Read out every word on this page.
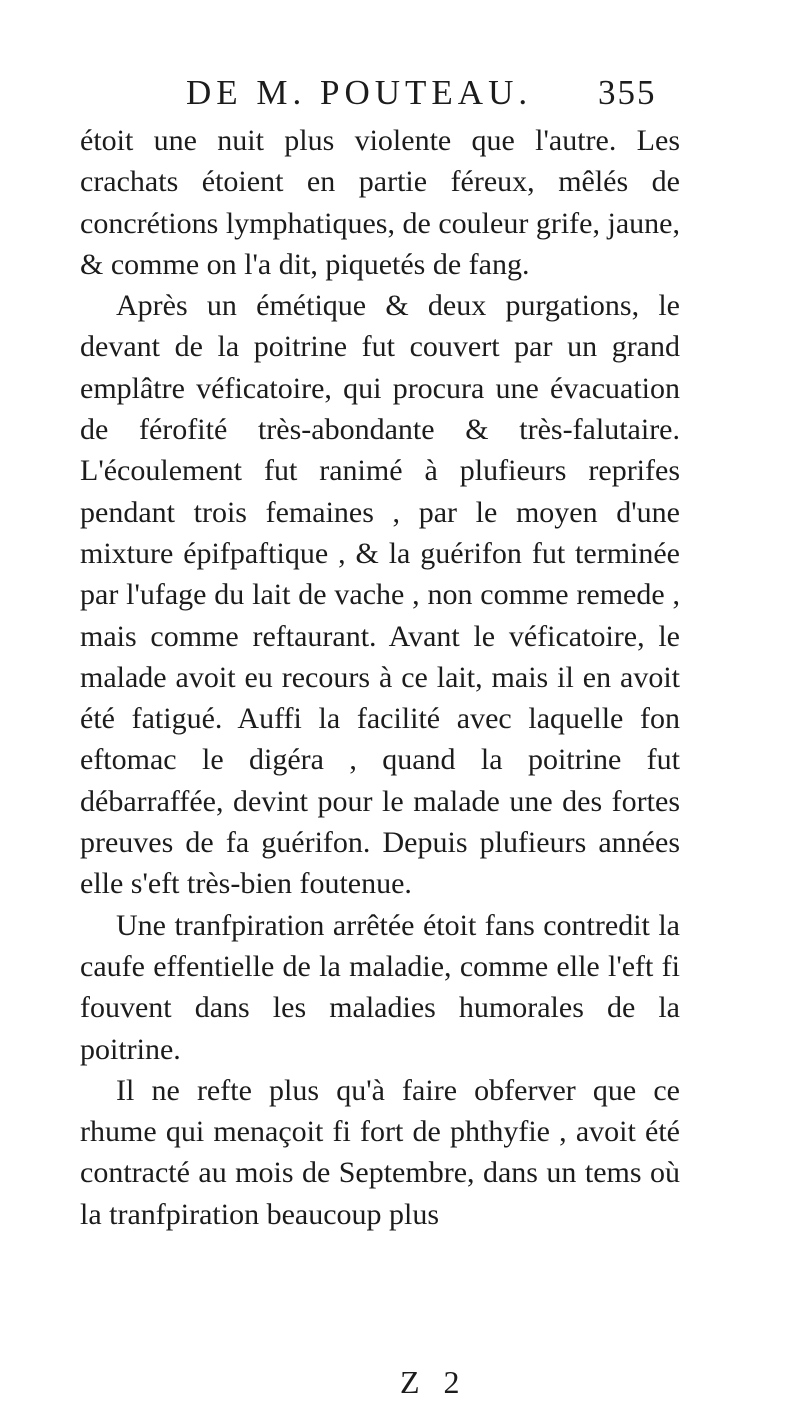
DE M. POUTEAU. 355

étoit une nuit plus violente que l'autre. Les crachats étoient en partie féreux, mêlés de concrétions lymphatiques, de couleur grife, jaune, & comme on l'a dit, piquetés de fang.

Après un émétique & deux purgations, le devant de la poitrine fut couvert par un grand emplâtre véficatoire, qui procura une évacuation de férofité très-abondante & très-falutaire. L'écoulement fut ranimé à plufieurs reprifes pendant trois femaines , par le moyen d'une mixture épifpaftique , & la guérifon fut terminée par l'ufage du lait de vache , non comme remede , mais comme reftaurant. Avant le véficatoire, le malade avoit eu recours à ce lait, mais il en avoit été fatigué. Auffi la facilité avec laquelle fon eftomac le digéra , quand la poitrine fut débarraffée, devint pour le malade une des fortes preuves de fa guérifon. Depuis plufieurs années elle s'eft très-bien foutenue.

Une tranfpiration arrêtée étoit fans contredit la caufe effentielle de la maladie, comme elle l'eft fi fouvent dans les maladies humorales de la poitrine.

Il ne refte plus qu'à faire obferver que ce rhume qui menaçoit fi fort de phthyfie , avoit été contracté au mois de Septembre, dans un tems où la tranfpiration beaucoup plus

Z 2
